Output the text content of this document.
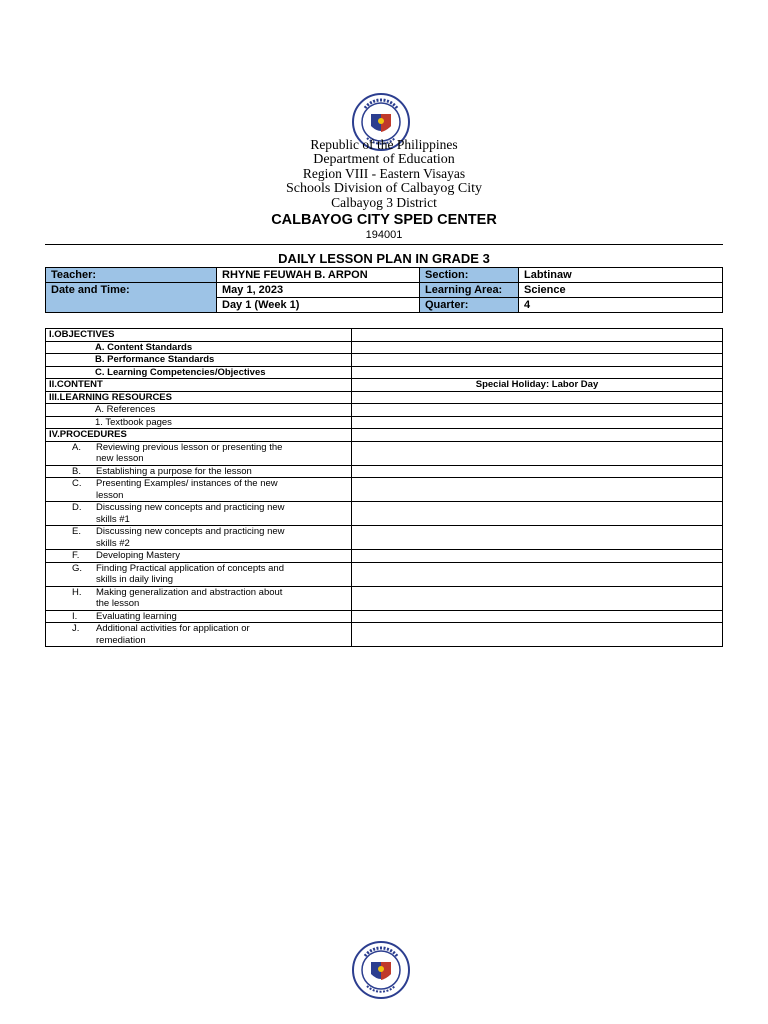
Republic of the Philippines
Department of Education
Region VIII - Eastern Visayas
Schools Division of Calbayog City
Calbayog 3 District
CALBAYOG CITY SPED CENTER
194001
DAILY LESSON PLAN IN GRADE 3
Teacher:	RHYNE FEUWAH B. ARPON	Section:	Labtinaw
Date and Time:	May 1, 2023	Learning Area:	Science
	Day 1 (Week 1)	Quarter:	4
I.OBJECTIVES	
A. Content Standards	
B. Performance Standards	
C. Learning Competencies/Objectives	
II.CONTENT	Special Holiday: Labor Day
III.LEARNING RESOURCES	
A. References	
1. Textbook pages	
IV.PROCEDURES	
A. Reviewing previous lesson or presenting the new lesson	
B. Establishing a purpose for the lesson	
C. Presenting Examples/ instances of the new lesson	
D. Discussing new concepts and practicing new skills #1	
E. Discussing new concepts and practicing new skills #2	
F. Developing Mastery	
G. Finding Practical application of concepts and skills in daily living	
H. Making generalization and abstraction about the lesson	
I. Evaluating learning	
J. Additional activities for application or remediation	
